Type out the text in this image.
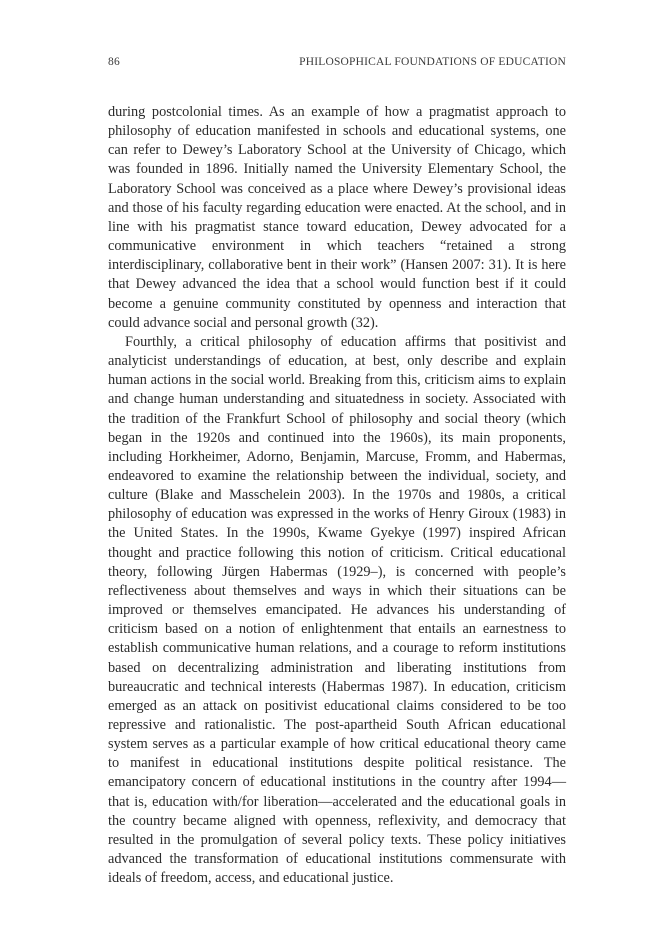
86	PHILOSOPHICAL FOUNDATIONS OF EDUCATION

during postcolonial times. As an example of how a pragmatist approach to philosophy of education manifested in schools and educational systems, one can refer to Dewey’s Laboratory School at the University of Chicago, which was founded in 1896. Initially named the University Elementary School, the Laboratory School was conceived as a place where Dewey’s provisional ideas and those of his faculty regarding education were enacted. At the school, and in line with his pragmatist stance toward education, Dewey advocated for a communicative environment in which teachers “retained a strong interdisciplinary, collaborative bent in their work” (Hansen 2007: 31). It is here that Dewey advanced the idea that a school would function best if it could become a genuine community constituted by openness and interaction that could advance social and personal growth (32).

Fourthly, a critical philosophy of education affirms that positivist and analyticist understandings of education, at best, only describe and explain human actions in the social world. Breaking from this, criticism aims to explain and change human understanding and situatedness in society. Associated with the tradition of the Frankfurt School of philosophy and social theory (which began in the 1920s and continued into the 1960s), its main proponents, including Horkheimer, Adorno, Benjamin, Marcuse, Fromm, and Habermas, endeavored to examine the relationship between the individual, society, and culture (Blake and Masschelein 2003). In the 1970s and 1980s, a critical philosophy of education was expressed in the works of Henry Giroux (1983) in the United States. In the 1990s, Kwame Gyekye (1997) inspired African thought and practice following this notion of criticism. Critical educational theory, following Jürgen Habermas (1929–), is concerned with people’s reflectiveness about themselves and ways in which their situations can be improved or themselves emancipated. He advances his understanding of criticism based on a notion of enlightenment that entails an earnestness to establish communicative human relations, and a courage to reform institutions based on decentralizing administration and liberating institutions from bureaucratic and technical interests (Habermas 1987). In education, criticism emerged as an attack on positivist educational claims considered to be too repressive and rationalistic. The post-apartheid South African educational system serves as a particular example of how critical educational theory came to manifest in educational institutions despite political resistance. The emancipatory concern of educational institutions in the country after 1994—that is, education with/for liberation—accelerated and the educational goals in the country became aligned with openness, reflexivity, and democracy that resulted in the promulgation of several policy texts. These policy initiatives advanced the transformation of educational institutions commensurate with ideals of freedom, access, and educational justice.
